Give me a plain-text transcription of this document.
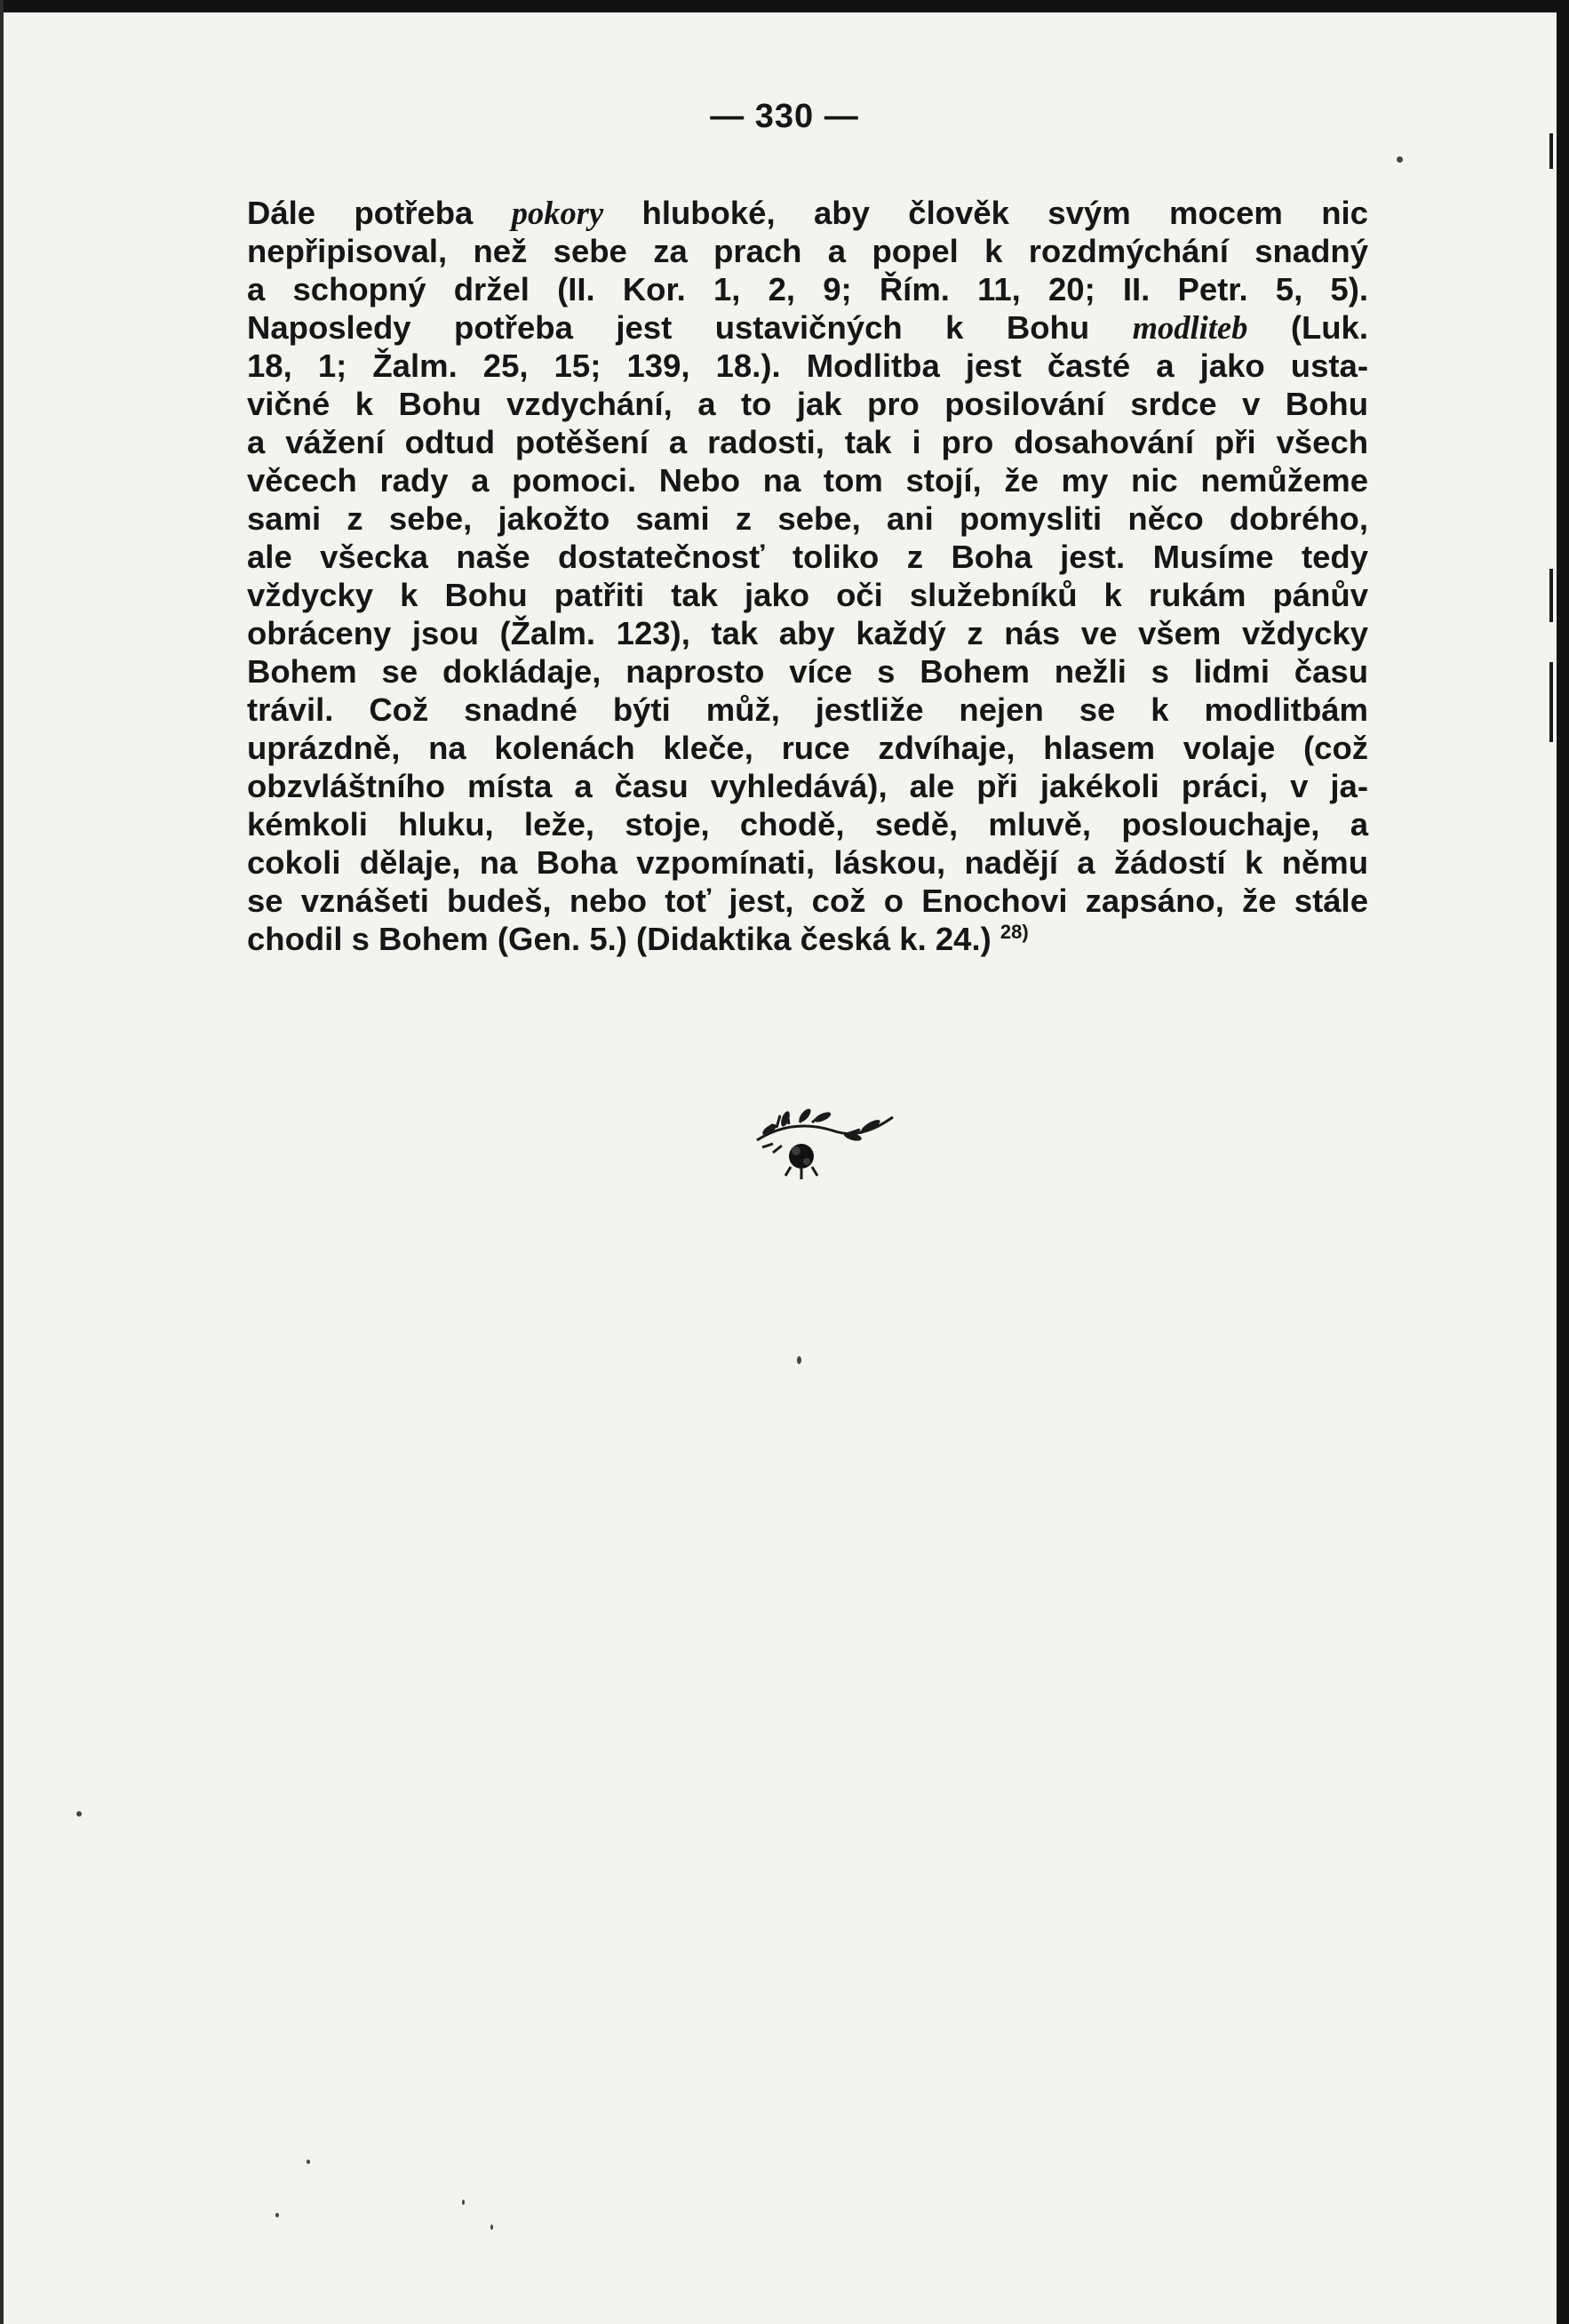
— 330 —
Dále potřeba pokory hluboké, aby člověk svým mocem nic
nepřipisoval, než sebe za prach a popel k rozdmýchání snadný
a schopný držel (II. Kor. 1, 2, 9; Řím. 11, 20; II. Petr. 5, 5).
Naposledy potřeba jest ustavičných k Bohu modliteb (Luk.
18, 1; Žalm. 25, 15; 139, 18.). Modlitba jest časté a jako usta-
vičné k Bohu vzdychání, a to jak pro posilování srdce v Bohu
a vážení odtud potěšení a radosti, tak i pro dosahování při všech
věcech rady a pomoci. Nebo na tom stojí, že my nic nemůžeme
sami z sebe, jakožto sami z sebe, ani pomysliti něco dobrého,
ale všecka naše dostatečnosť toliko z Boha jest. Musíme tedy
vždycky k Bohu patřiti tak jako oči služebníků k rukám pánův
obráceny jsou (Žalm. 123), tak aby každý z nás ve všem vždycky
Bohem se dokládaje, naprosto více s Bohem nežli s lidmi času
trávil. Což snadné býti můž, jestliže nejen se k modlitbám
uprázdně, na kolenách kleče, ruce zdvíhaje, hlasem volaje (což
obzvláštního místa a času vyhledává), ale při jakékoli práci, v ja-
kémkoli hluku, leže, stoje, chodě, sedě, mluvě, poslouchaje, a
cokoli dělaje, na Boha vzpomínati, láskou, nadějí a žádostí k němu
se vznášeti budeš, nebo toť jest, což o Enochovi zapsáno, že stále
chodil s Bohem (Gen. 5.) (Didaktika česká k. 24.) $^{28)}$
